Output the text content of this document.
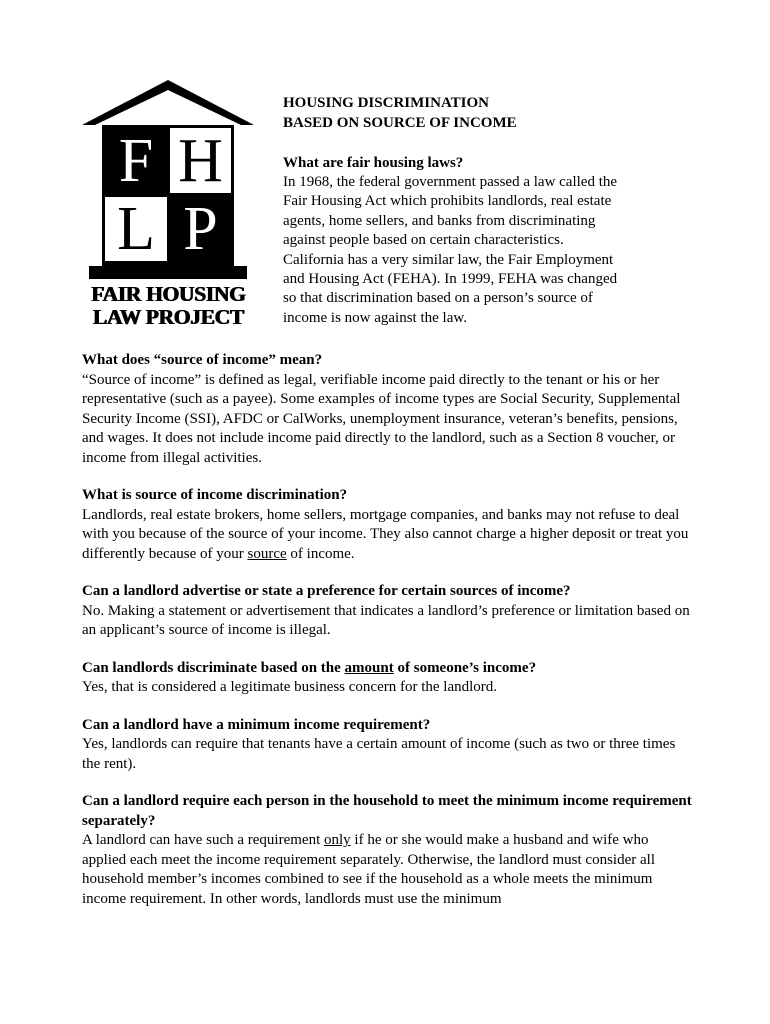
F H
L P
FAIR HOUSING
LAW PROJECT
HOUSING DISCRIMINATION
BASED ON SOURCE OF INCOME
What are fair housing laws?
In 1968, the federal government passed a law called the
Fair Housing Act which prohibits landlords, real estate
agents, home sellers, and banks from discriminating
against people based on certain characteristics.
California has a very similar law, the Fair Employment
and Housing Act (FEHA). In 1999, FEHA was changed
so that discrimination based on a person’s source of
income is now against the law.
What does “source of income” mean?
“Source of income” is defined as legal, verifiable income paid directly to the tenant or his or her representative (such as a payee). Some examples of income types are Social Security, Supplemental Security Income (SSI), AFDC or CalWorks, unemployment insurance, veteran’s benefits, pensions, and wages. It does not include income paid directly to the landlord, such as a Section 8 voucher, or income from illegal activities.
What is source of income discrimination?
Landlords, real estate brokers, home sellers, mortgage companies, and banks may not refuse to deal with you because of the source of your income. They also cannot charge a higher deposit or treat you differently because of your source of income.
Can a landlord advertise or state a preference for certain sources of income?
No. Making a statement or advertisement that indicates a landlord’s preference or limitation based on an applicant’s source of income is illegal.
Can landlords discriminate based on the amount of someone’s income?
Yes, that is considered a legitimate business concern for the landlord.
Can a landlord have a minimum income requirement?
Yes, landlords can require that tenants have a certain amount of income (such as two or three times the rent).
Can a landlord require each person in the household to meet the minimum income requirement separately?
A landlord can have such a requirement only if he or she would make a husband and wife who applied each meet the income requirement separately. Otherwise, the landlord must consider all household member’s incomes combined to see if the household as a whole meets the minimum income requirement. In other words, landlords must use the minimum
